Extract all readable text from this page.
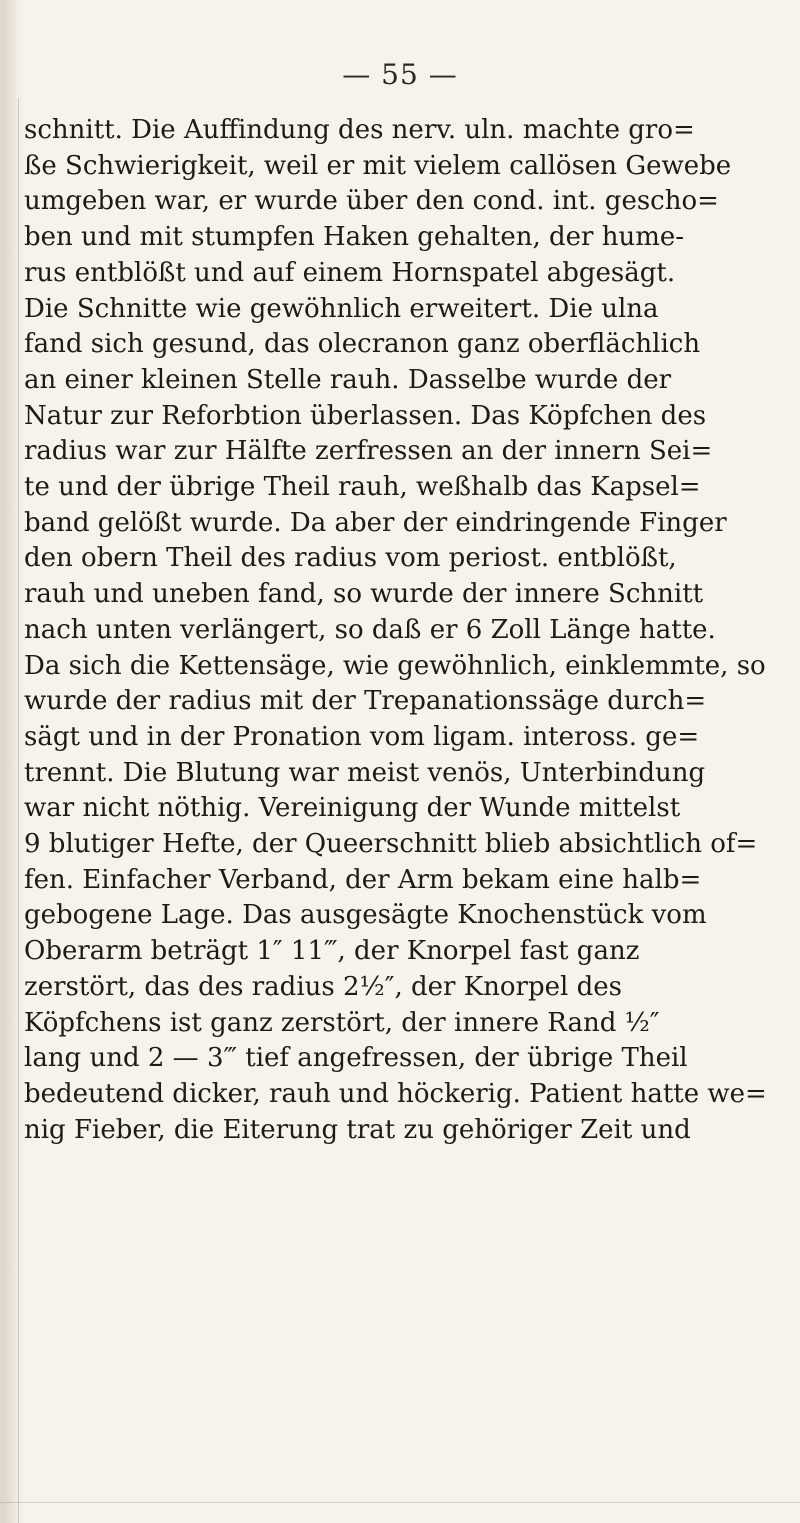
— 55 —
schnitt. Die Auffindung des nerv. uln. machte gro=
ße Schwierigkeit, weil er mit vielem callösen Gewebe
umgeben war, er wurde über den cond. int. gescho=
ben und mit stumpfen Haken gehalten, der hume-
rus entblößt und auf einem Hornspatel abgesägt.
Die Schnitte wie gewöhnlich erweitert. Die ulna
fand sich gesund, das olecranon ganz oberflächlich
an einer kleinen Stelle rauh. Dasselbe wurde der
Natur zur Reforbtion überlassen. Das Köpfchen des
radius war zur Hälfte zerfressen an der innern Sei=
te und der übrige Theil rauh, weßhalb das Kapsel=
band gelößt wurde. Da aber der eindringende Finger
den obern Theil des radius vom periost. entblößt,
rauh und uneben fand, so wurde der innere Schnitt
nach unten verlängert, so daß er 6 Zoll Länge hatte.
Da sich die Kettensäge, wie gewöhnlich, einklemmte, so
wurde der radius mit der Trepanationssäge durch=
sägt und in der Pronation vom ligam. inteross. ge=
trennt. Die Blutung war meist venös, Unterbindung
war nicht nöthig. Vereinigung der Wunde mittelst
9 blutiger Hefte, der Queerschnitt blieb absichtlich of=
fen. Einfacher Verband, der Arm bekam eine halb=
gebogene Lage. Das ausgesägte Knochenstück vom
Oberarm beträgt 1″ 11‴, der Knorpel fast ganz
zerstört, das des radius 2½″, der Knorpel des
Köpfchens ist ganz zerstört, der innere Rand ½″
lang und 2 — 3‴ tief angefressen, der übrige Theil
bedeutend dicker, rauh und höckerig. Patient hatte we=
nig Fieber, die Eiterung trat zu gehöriger Zeit und
